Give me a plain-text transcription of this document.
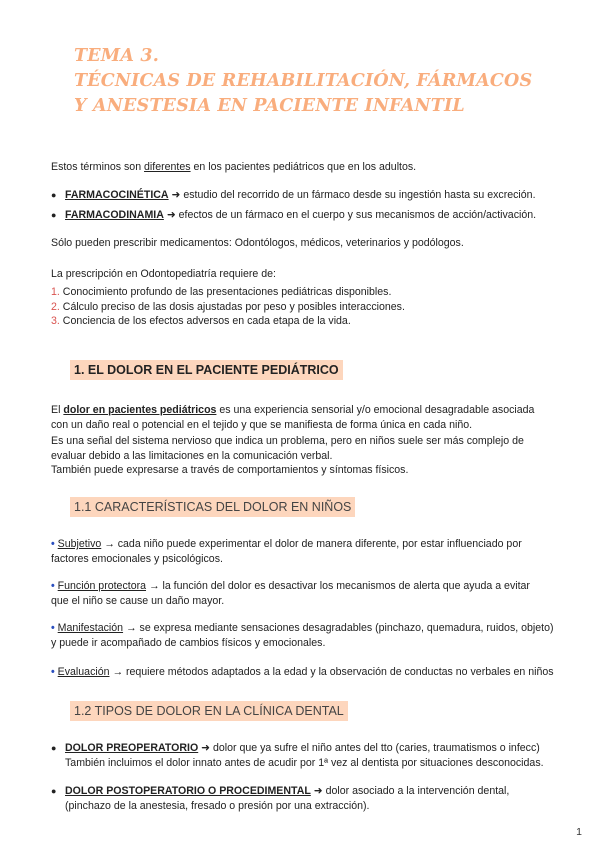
TEMA 3.
TÉCNICAS DE REHABILITACIÓN, FÁRMACOS
Y ANESTESIA EN PACIENTE INFANTIL
Estos términos son diferentes en los pacientes pediátricos que en los adultos.
● FARMACOCINÉTICA ➜ estudio del recorrido de un fármaco desde su ingestión hasta su excreción.
● FARMACODINAMIA ➜ efectos de un fármaco en el cuerpo y sus mecanismos de acción/activación.
Sólo pueden prescribir medicamentos: Odontólogos, médicos, veterinarios y podólogos.
La prescripción en Odontopediatría requiere de:
1. Conocimiento profundo de las presentaciones pediátricas disponibles.
2. Cálculo preciso de las dosis ajustadas por peso y posibles interacciones.
3. Conciencia de los efectos adversos en cada etapa de la vida.
1. EL DOLOR EN EL PACIENTE PEDIÁTRICO
El dolor en pacientes pediátricos es una experiencia sensorial y/o emocional desagradable asociada
con un daño real o potencial en el tejido y que se manifiesta de forma única en cada niño.
Es una señal del sistema nervioso que indica un problema, pero en niños suele ser más complejo de
evaluar debido a las limitaciones en la comunicación verbal.
También puede expresarse a través de comportamientos y síntomas físicos.
1.1 CARACTERÍSTICAS DEL DOLOR EN NIÑOS
• Subjetivo → cada niño puede experimentar el dolor de manera diferente, por estar influenciado por
factores emocionales y psicológicos.
• Función protectora → la función del dolor es desactivar los mecanismos de alerta que ayuda a evitar
que el niño se cause un daño mayor.
• Manifestación → se expresa mediante sensaciones desagradables (pinchazo, quemadura, ruidos, objeto)
y puede ir acompañado de cambios físicos y emocionales.
• Evaluación → requiere métodos adaptados a la edad y la observación de conductas no verbales en niños
1.2 TIPOS DE DOLOR EN LA CLÍNICA DENTAL
● DOLOR PREOPERATORIO ➜ dolor que ya sufre el niño antes del tto (caries, traumatismos o infecc)
También incluimos el dolor innato antes de acudir por 1ª vez al dentista por situaciones desconocidas.
● DOLOR POSTOPERATORIO O PROCEDIMENTAL ➜ dolor asociado a la intervención dental,
(pinchazo de la anestesia, fresado o presión por una extracción).
1
